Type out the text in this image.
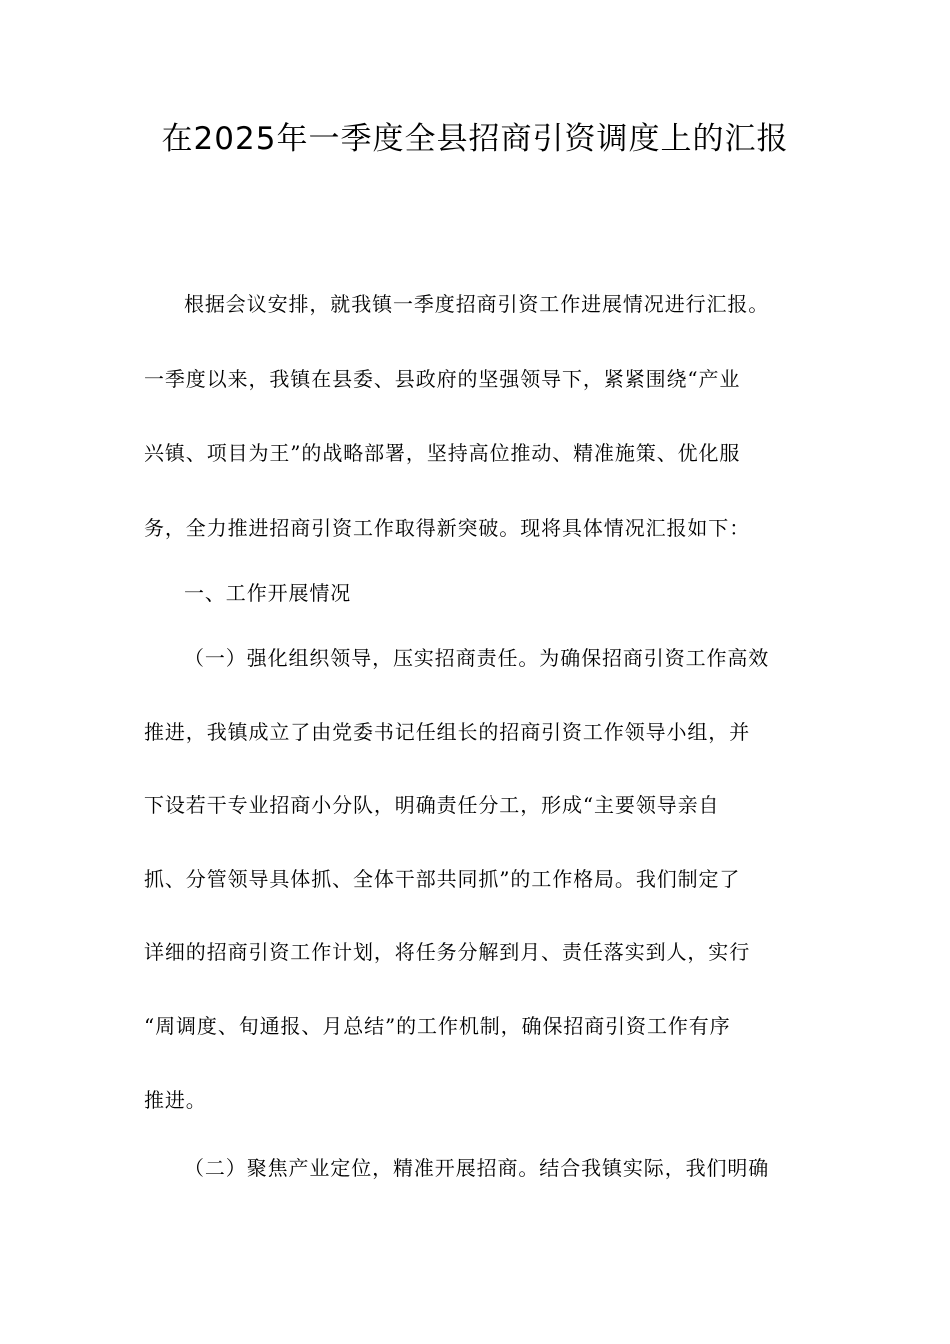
在2025年一季度全县招商引资调度上的汇报

根据会议安排，就我镇一季度招商引资工作进展情况进行汇报。

一季度以来，我镇在县委、县政府的坚强领导下，紧紧围绕“产业

兴镇、项目为王”的战略部署，坚持高位推动、精准施策、优化服

务，全力推进招商引资工作取得新突破。现将具体情况汇报如下：

一、工作开展情况

（一）强化组织领导，压实招商责任。为确保招商引资工作高效

推进，我镇成立了由党委书记任组长的招商引资工作领导小组，并

下设若干专业招商小分队，明确责任分工，形成“主要领导亲自

抓、分管领导具体抓、全体干部共同抓”的工作格局。我们制定了

详细的招商引资工作计划，将任务分解到月、责任落实到人，实行

“周调度、旬通报、月总结”的工作机制，确保招商引资工作有序

推进。

（二）聚焦产业定位，精准开展招商。结合我镇实际，我们明确
